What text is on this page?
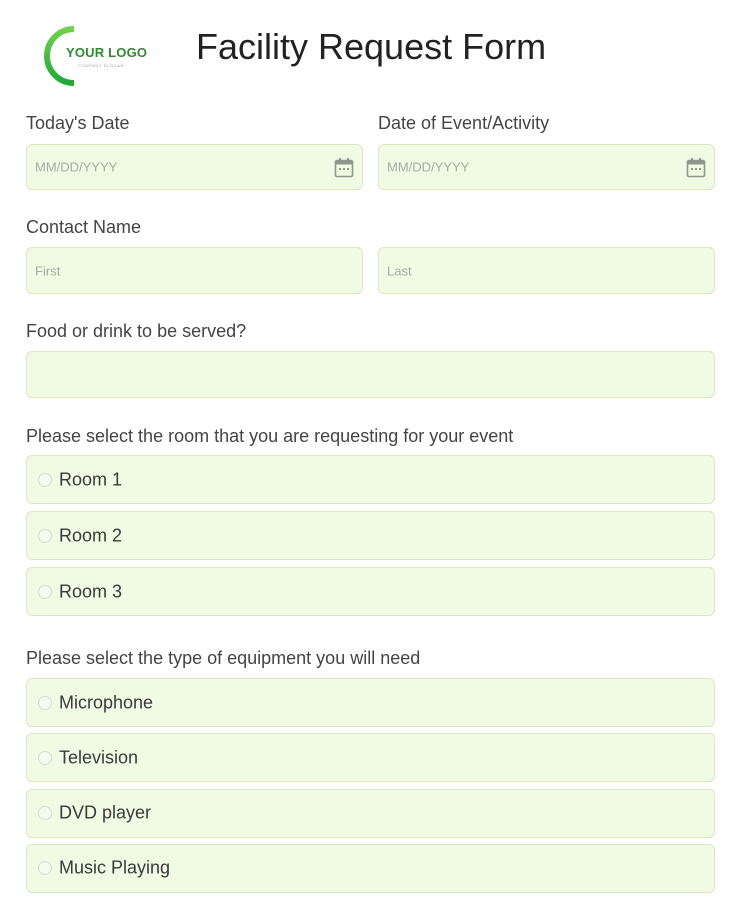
YOUR LOGO
COMPANY SLOGAN Facility Request Form
Today's Date
MM/DD/YYYY
Date of Event/Activity
MM/DD/YYYY
Contact Name
First	Last
Food or drink to be served?
Please select the room that you are requesting for your event
Room 1
Room 2
Room 3
Please select the type of equipment you will need
Microphone
Television
DVD player
Music Playing
